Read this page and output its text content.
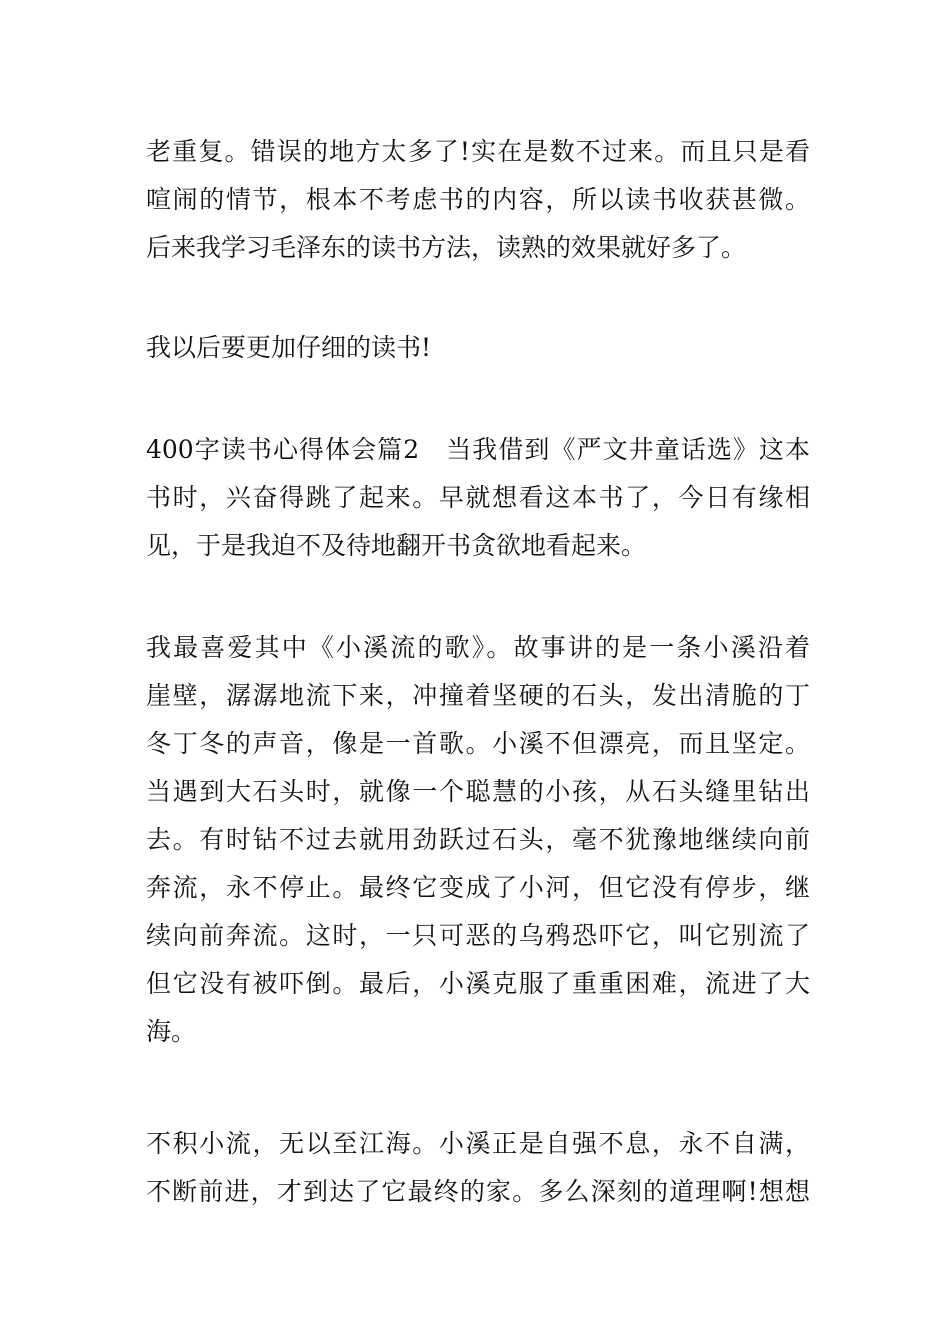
老重复。错误的地方太多了!实在是数不过来。而且只是看
喧闹的情节，根本不考虑书的内容，所以读书收获甚微。
后来我学习毛泽东的读书方法，读熟的效果就好多了。
我以后要更加仔细的读书!
400字读书心得体会篇2　当我借到《严文井童话选》这本
书时，兴奋得跳了起来。早就想看这本书了，今日有缘相
见，于是我迫不及待地翻开书贪欲地看起来。
我最喜爱其中《小溪流的歌》。故事讲的是一条小溪沿着
崖壁，潺潺地流下来，冲撞着坚硬的石头，发出清脆的丁
冬丁冬的声音，像是一首歌。小溪不但漂亮，而且坚定。
当遇到大石头时，就像一个聪慧的小孩，从石头缝里钻出
去。有时钻不过去就用劲跃过石头，毫不犹豫地继续向前
奔流，永不停止。最终它变成了小河，但它没有停步，继
续向前奔流。这时，一只可恶的乌鸦恐吓它，叫它别流了
但它没有被吓倒。最后，小溪克服了重重困难，流进了大
海。
不积小流，无以至江海。小溪正是自强不息，永不自满，
不断前进，才到达了它最终的家。多么深刻的道理啊!想想
